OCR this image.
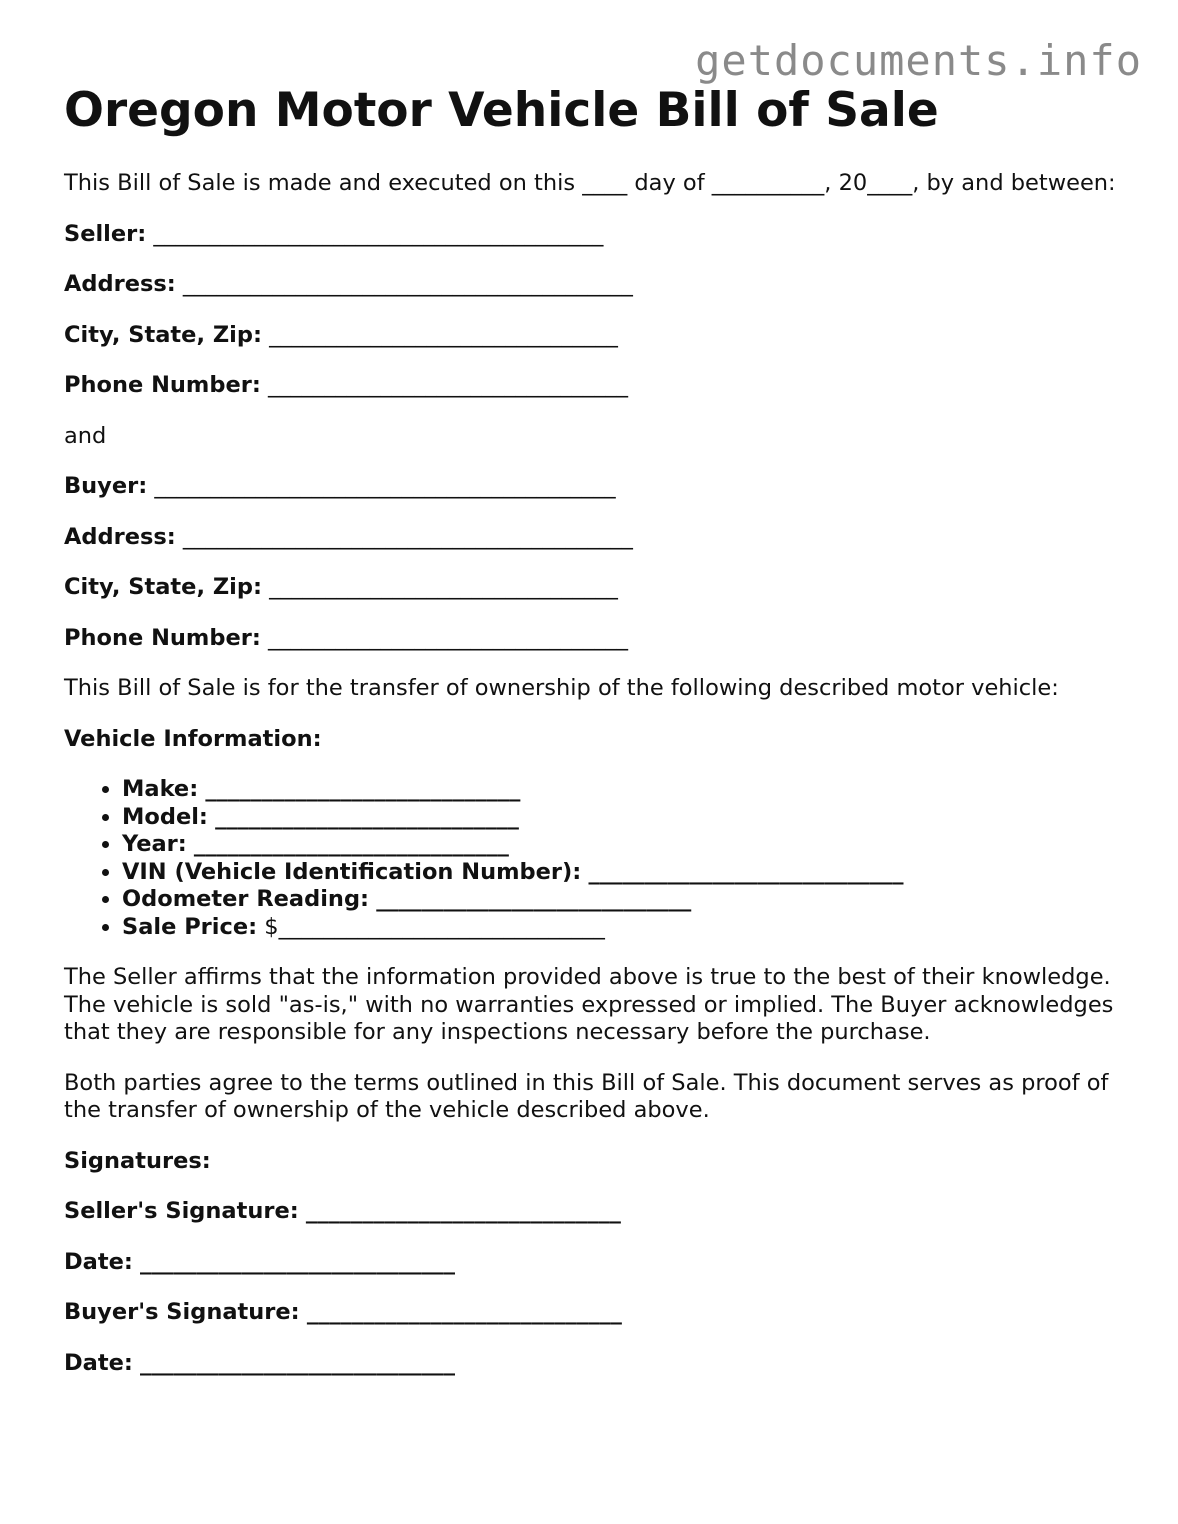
getdocuments.info
Oregon Motor Vehicle Bill of Sale

This Bill of Sale is made and executed on this ____ day of __________, 20____, by and between:

Seller: ________________________________________

Address: ________________________________________

City, State, Zip: _______________________________

Phone Number: ________________________________

and

Buyer: _________________________________________

Address: ________________________________________

City, State, Zip: _______________________________

Phone Number: ________________________________

This Bill of Sale is for the transfer of ownership of the following described motor vehicle:

Vehicle Information:

• Make: ____________________________
• Model: ___________________________
• Year: ____________________________
• VIN (Vehicle Identification Number): ____________________________
• Odometer Reading: ____________________________
• Sale Price: $_____________________________

The Seller affirms that the information provided above is true to the best of their knowledge. The vehicle is sold "as-is," with no warranties expressed or implied. The Buyer acknowledges that they are responsible for any inspections necessary before the purchase.

Both parties agree to the terms outlined in this Bill of Sale. This document serves as proof of the transfer of ownership of the vehicle described above.

Signatures:

Seller's Signature: ____________________________

Date: ____________________________

Buyer's Signature: ____________________________

Date: ____________________________
